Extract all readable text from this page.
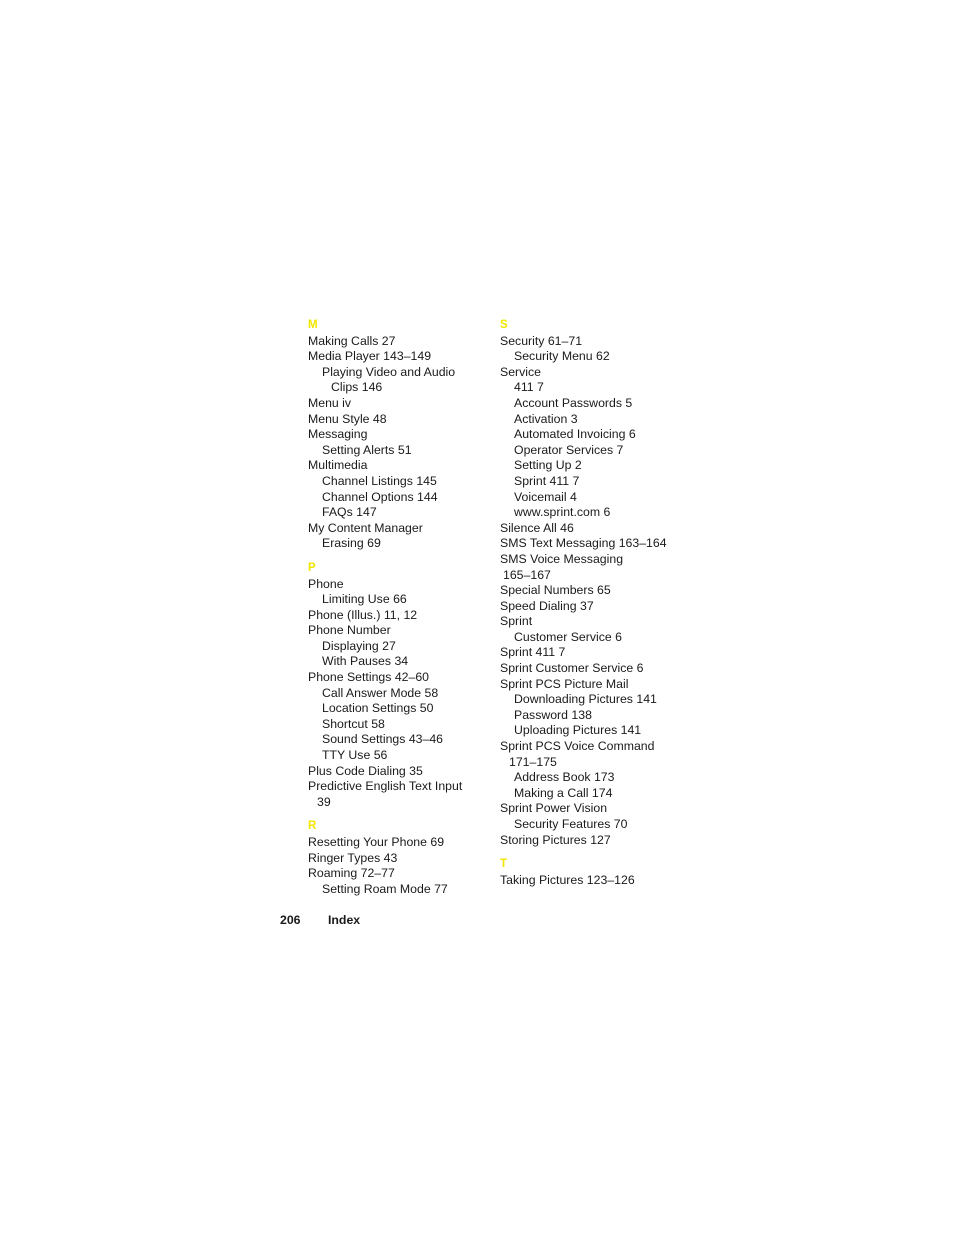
M
Making Calls 27
Media Player 143–149
Playing Video and Audio
Clips 146
Menu iv
Menu Style 48
Messaging
Setting Alerts 51
Multimedia
Channel Listings 145
Channel Options 144
FAQs 147
My Content Manager
Erasing 69
P
Phone
Limiting Use 66
Phone (Illus.) 11, 12
Phone Number
Displaying 27
With Pauses 34
Phone Settings 42–60
Call Answer Mode 58
Location Settings 50
Shortcut 58
Sound Settings 43–46
TTY Use 56
Plus Code Dialing 35
Predictive English Text Input
39
R
Resetting Your Phone 69
Ringer Types 43
Roaming 72–77
Setting Roam Mode 77
S
Security 61–71
Security Menu 62
Service
411 7
Account Passwords 5
Activation 3
Automated Invoicing 6
Operator Services 7
Setting Up 2
Sprint 411 7
Voicemail 4
www.sprint.com 6
Silence All 46
SMS Text Messaging 163–164
SMS Voice Messaging
165–167
Special Numbers 65
Speed Dialing 37
Sprint
Customer Service 6
Sprint 411 7
Sprint Customer Service 6
Sprint PCS Picture Mail
Downloading Pictures 141
Password 138
Uploading Pictures 141
Sprint PCS Voice Command
171–175
Address Book 173
Making a Call 174
Sprint Power Vision
Security Features 70
Storing Pictures 127
T
Taking Pictures 123–126
206 Index
